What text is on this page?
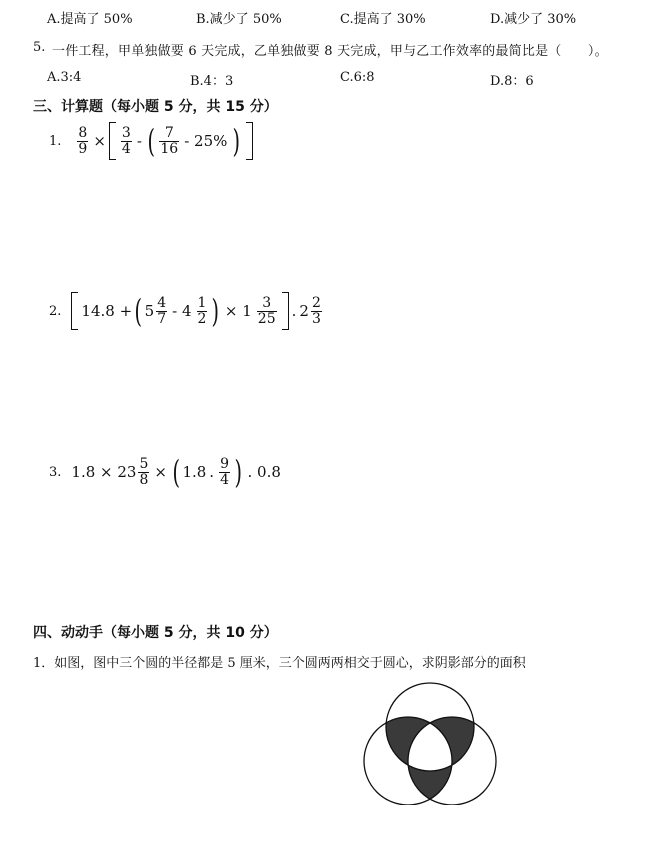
A.提高了 50%	B.减少了 50%	C.提高了 30%	D.减少了 30%
5. 一件工程，甲单独做要 6 天完成，乙单独做要 8 天完成，甲与乙工作效率的最简比是（　　）。
A.3:4	B.4：3	C.6:8	D.8：6
三、计算题（每小题 5 分，共 15 分）
1. $\frac{8}{9} \times \frac{3}{4}$ - ( $\frac{7}{16} - 25\%$ )
2. 14.8 + ( $5 \frac{4}{7} - 4 \frac{1}{2}$ ) × $1 \frac{3}{25}$ . $2 \frac{2}{3}$
3. $1.8 \times 23 \frac{5}{8}$ × ( 1.8 . $\frac{9}{4}$ ) . 0.8
四、动动手（每小题 5 分，共 10 分）
1．如图，图中三个圆的半径都是 5 厘米，三个圆两两相交于圆心，求阴影部分的面积
